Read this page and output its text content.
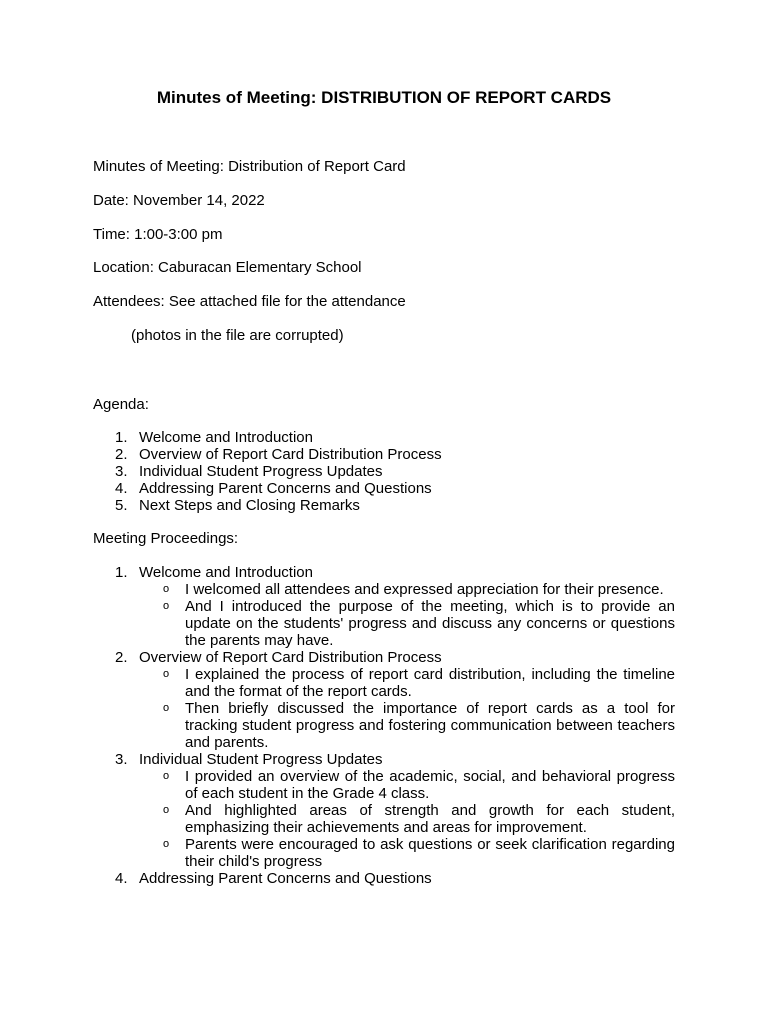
Minutes of Meeting: DISTRIBUTION OF REPORT CARDS
Minutes of Meeting: Distribution of Report Card
Date: November 14, 2022
Time: 1:00-3:00 pm
Location: Caburacan Elementary School
Attendees: See attached file for the attendance
(photos in the file are corrupted)
Agenda:
1. Welcome and Introduction
2. Overview of Report Card Distribution Process
3. Individual Student Progress Updates
4. Addressing Parent Concerns and Questions
5. Next Steps and Closing Remarks
Meeting Proceedings:
1. Welcome and Introduction
o I welcomed all attendees and expressed appreciation for their presence.
o And I introduced the purpose of the meeting, which is to provide an update on the students' progress and discuss any concerns or questions the parents may have.
2. Overview of Report Card Distribution Process
o I explained the process of report card distribution, including the timeline and the format of the report cards.
o Then briefly discussed the importance of report cards as a tool for tracking student progress and fostering communication between teachers and parents.
3. Individual Student Progress Updates
o I provided an overview of the academic, social, and behavioral progress of each student in the Grade 4 class.
o And highlighted areas of strength and growth for each student, emphasizing their achievements and areas for improvement.
o Parents were encouraged to ask questions or seek clarification regarding their child's progress
4. Addressing Parent Concerns and Questions
